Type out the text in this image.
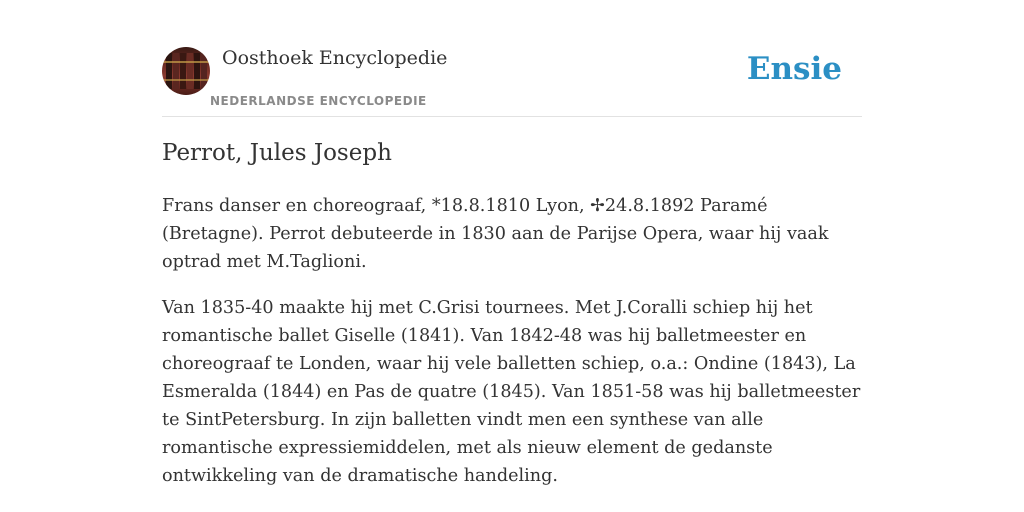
Oosthoek Encyclopedie
NEDERLANDSE ENCYCLOPEDIE
Ensie
Perrot, Jules Joseph

Frans danser en choreograaf, *18.8.1810 Lyon, ✢24.8.1892 Paramé (Bretagne). Perrot debuteerde in 1830 aan de Parijse Opera, waar hij vaak optrad met M.Taglioni.

Van 1835-40 maakte hij met C.Grisi tournees. Met J.Coralli schiep hij het romantische ballet Giselle (1841). Van 1842-48 was hij balletmeester en choreograaf te Londen, waar hij vele balletten schiep, o.a.: Ondine (1843), La Esmeralda (1844) en Pas de quatre (1845). Van 1851-58 was hij balletmeester te SintPetersburg. In zijn balletten vindt men een synthese van alle romantische expressiemiddelen, met als nieuw element de gedanste ontwikkeling van de dramatische handeling.
